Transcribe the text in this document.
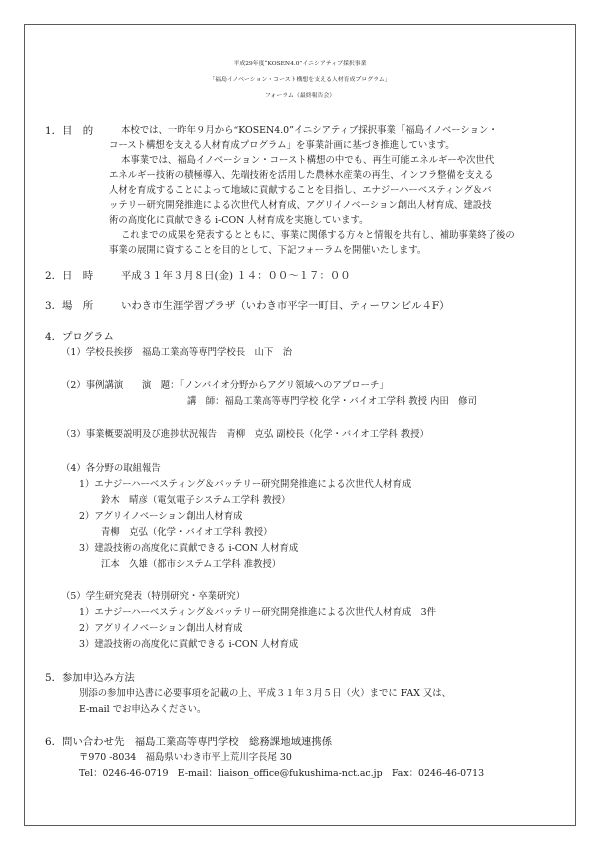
平成29年度“KOSEN4.0”イニシアティブ採択事業
「福島イノベーション・コースト構想を支える人材育成プログラム」
フォーラム（最終報告会）
1．目　的	本校では、一昨年９月から“KOSEN4.0”イニシアティブ採択事業「福島イノベーション・
コースト構想を支える人材育成プログラム」を事業計画に基づき推進しています。
本事業では、福島イノベーション・コースト構想の中でも、再生可能エネルギーや次世代
エネルギー技術の積極導入、先端技術を活用した農林水産業の再生、インフラ整備を支える
人材を育成することによって地域に貢献することを目指し、エナジーハーベスティング＆バ
ッテリー研究開発推進による次世代人材育成、アグリイノベーション創出人材育成、建設技
術の高度化に貢献できる i-CON 人材育成を実施しています。
これまでの成果を発表するとともに、事業に関係する方々と情報を共有し、補助事業終了後の
事業の展開に資することを目的として、下記フォーラムを開催いたします。
2．日　時	平成３１年３月８日(金) １４：００～１７：００
3．場　所	いわき市生涯学習プラザ（いわき市平字一町目、ティーワンビル４F）
4．プログラム
（1）学校長挨拶　福島工業高等専門学校長　山下　治
（2）事例講演　　演　題：「ノンバイオ分野からアグリ領域へのアプローチ」
講　師：福島工業高等専門学校 化学・バイオ工学科 教授 内田　修司
（3）事業概要説明及び進捗状況報告　青柳　克弘 副校長（化学・バイオ工学科 教授）
（4）各分野の取組報告
1）エナジーハーベスティング＆バッテリー研究開発推進による次世代人材育成
鈴木　晴彦（電気電子システム工学科 教授）
2）アグリイノベーション創出人材育成
青柳　克弘（化学・バイオ工学科 教授）
3）建設技術の高度化に貢献できる i-CON 人材育成
江本　久雄（都市システム工学科 准教授）
（5）学生研究発表（特別研究・卒業研究）
1）エナジーハーベスティング＆バッテリー研究開発推進による次世代人材育成　3件
2）アグリイノベーション創出人材育成
3）建設技術の高度化に貢献できる i-CON 人材育成
5．参加申込み方法
別添の参加申込書に必要事項を記載の上、平成３１年３月５日（火）までに FAX 又は、
E-mail でお申込みください。
6．問い合わせ先　福島工業高等専門学校　総務課地域連携係
〒970 -8034　福島県いわき市平上荒川字長尾 30
Tel：0246-46-0719　E-mail：liaison_office@fukushima-nct.ac.jp　Fax：0246-46-0713
